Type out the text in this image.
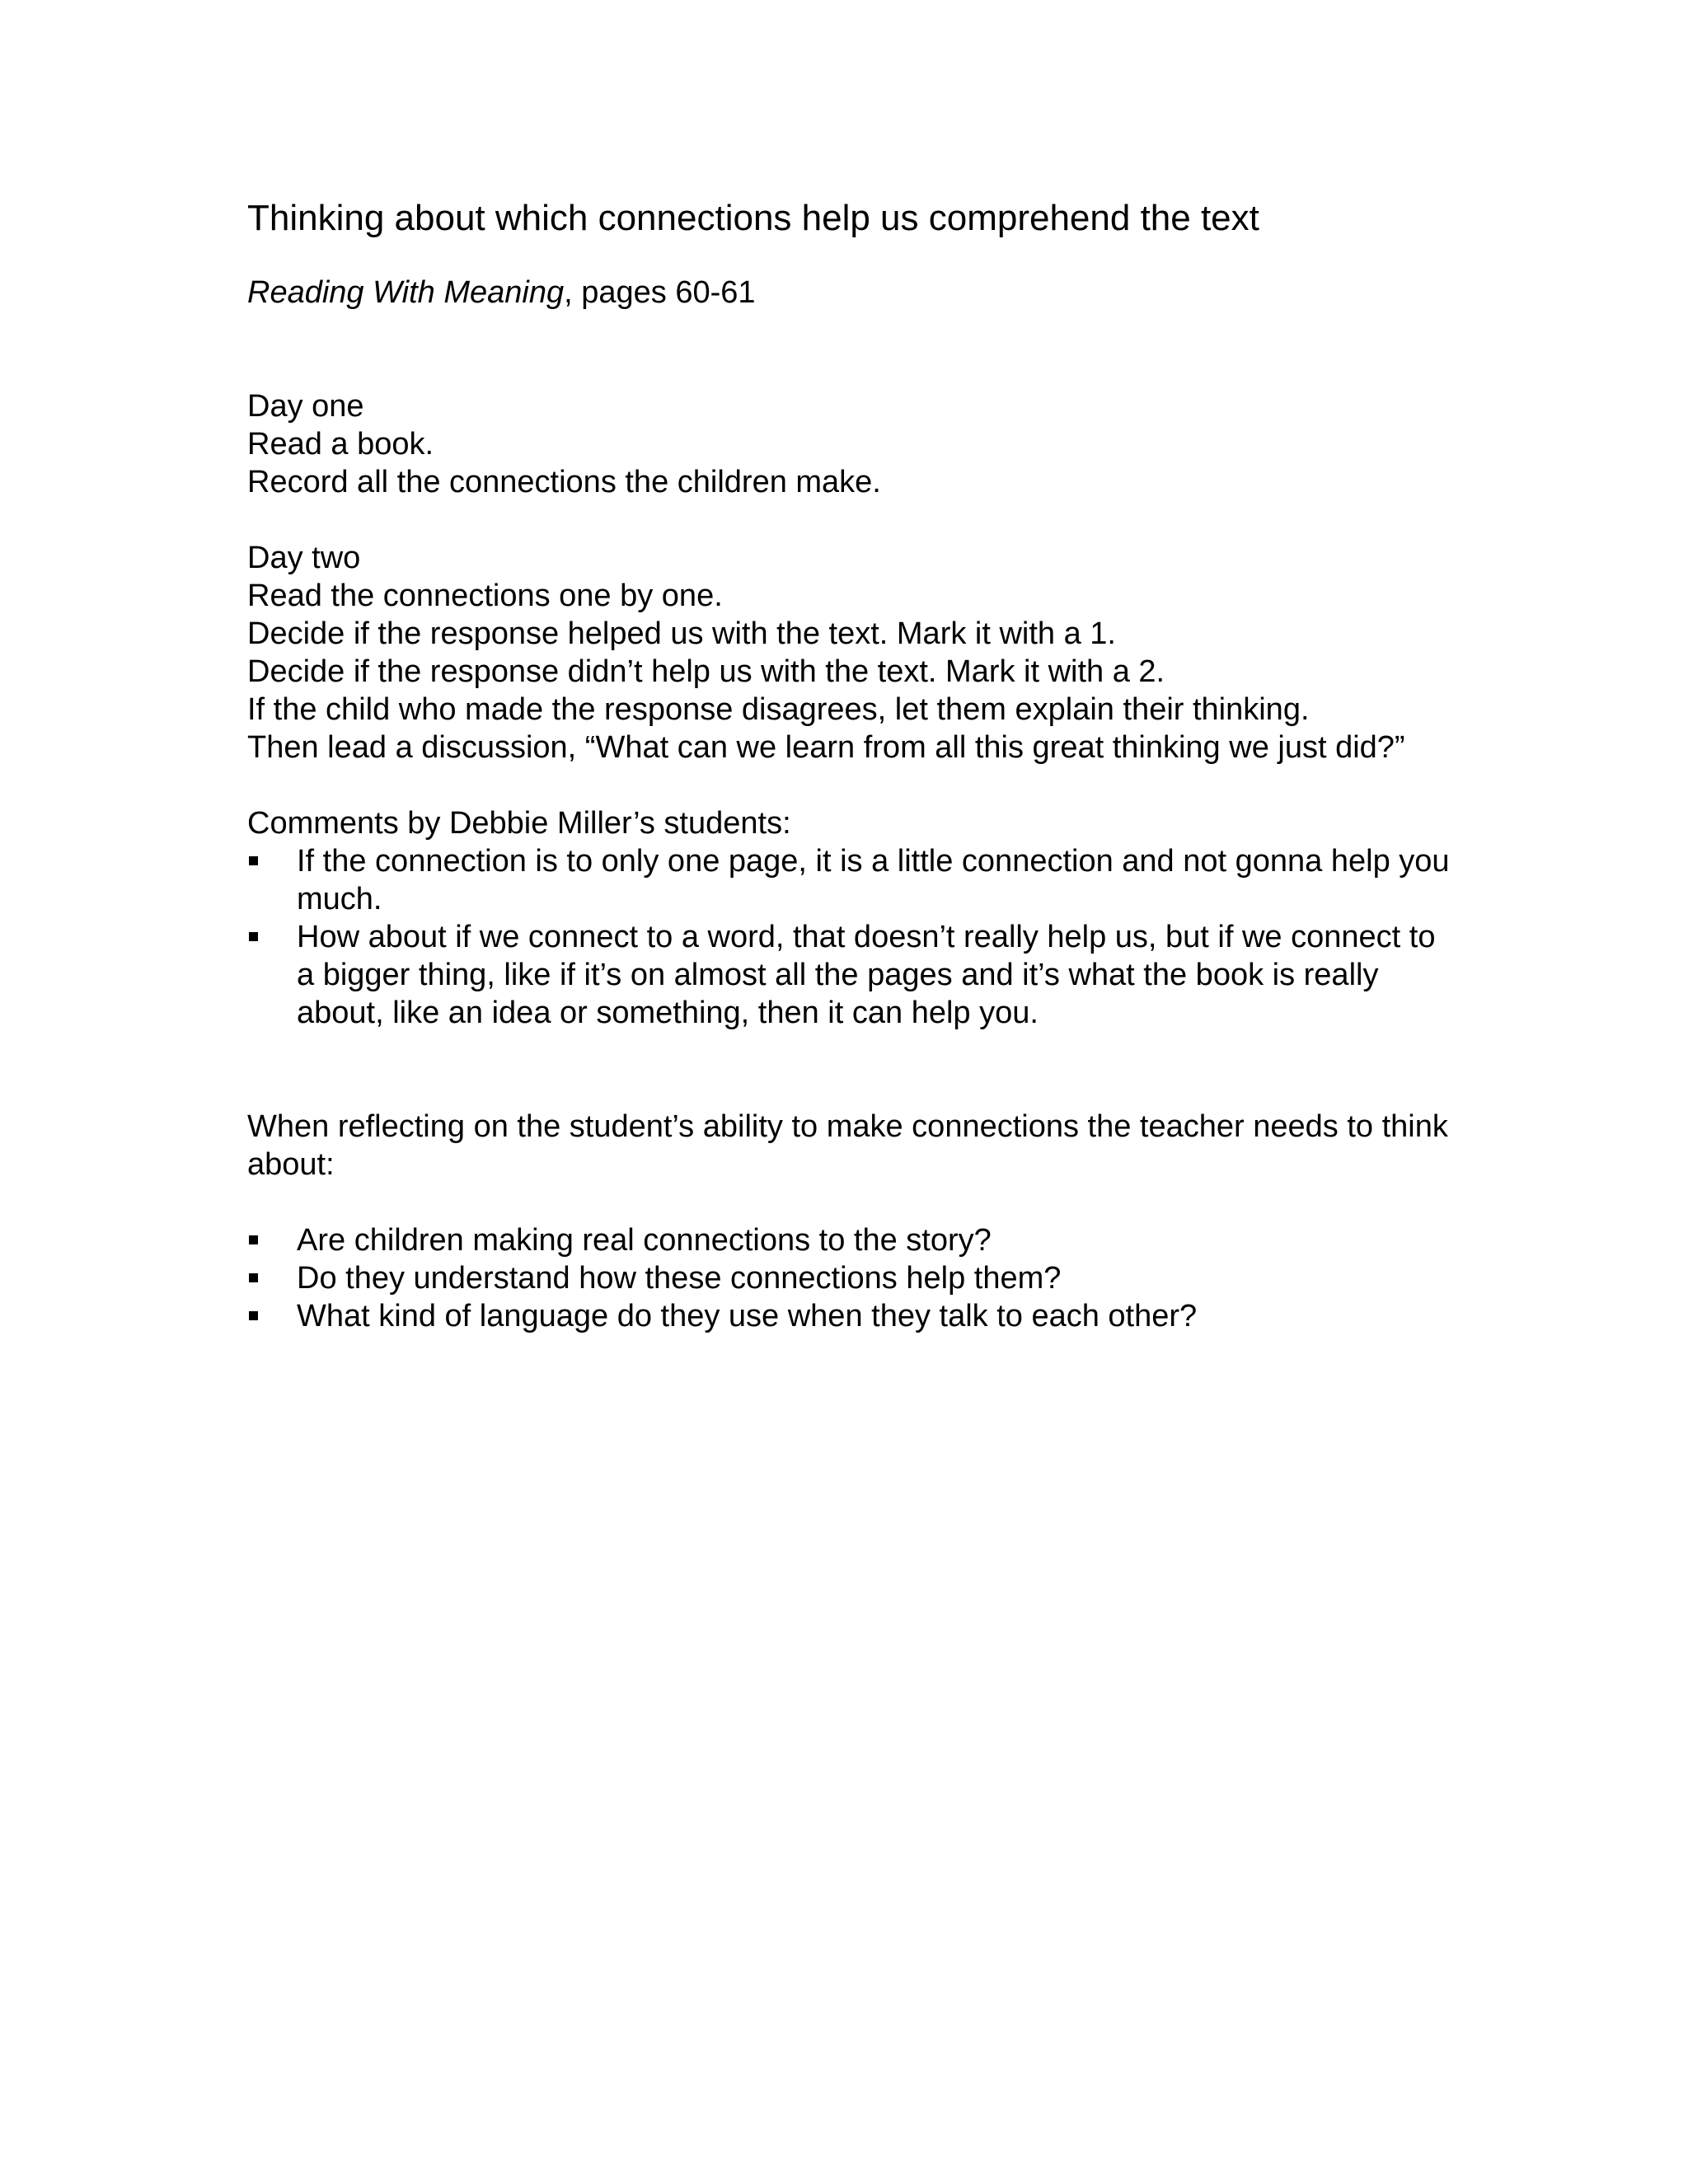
Thinking about which connections help us comprehend the text

Reading With Meaning, pages 60-61

Day one

Read a book.

Record all the connections the children make.

Day two

Read the connections one by one.

Decide if the response helped us with the text. Mark it with a 1.

Decide if the response didn’t help us with the text. Mark it with a 2.

If the child who made the response disagrees, let them explain their thinking.

Then lead a discussion, “What can we learn from all this great thinking we just did?”

Comments by Debbie Miller’s students:

If the connection is to only one page, it is a little connection and not gonna help you much.
How about if we connect to a word, that doesn’t really help us, but if we connect to a bigger thing, like if it’s on almost all the pages and it’s what the book is really about, like an idea or something, then it can help you.

When reflecting on the student’s ability to make connections the teacher needs to think about:

Are children making real connections to the story?
Do they understand how these connections help them?
What kind of language do they use when they talk to each other?
